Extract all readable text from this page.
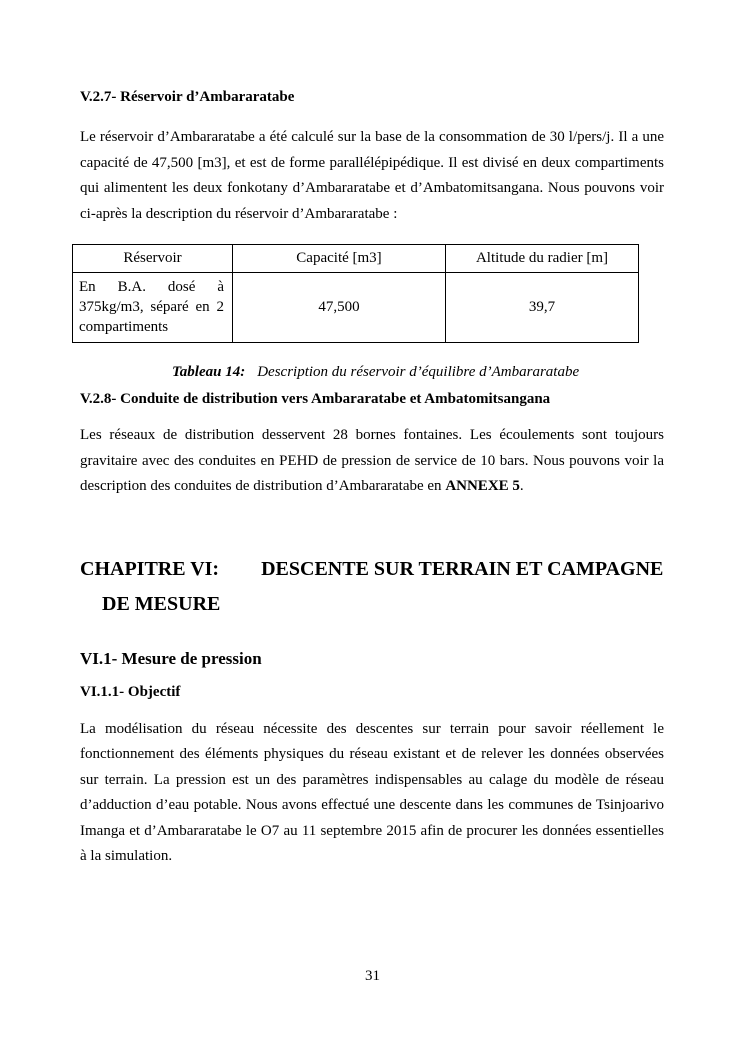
V.2.7- Réservoir d’Ambararatabe

Le réservoir d’Ambararatabe a été calculé sur la base de la consommation de 30 l/pers/j. Il a une capacité de 47,500 [m3], et est de forme parallélépipédique. Il est divisé en deux compartiments qui alimentent les deux fonkotany d’Ambararatabe et d’Ambatomitsangana. Nous pouvons voir ci-après la description du réservoir d’Ambararatabe :

Réservoir	Capacité [m3]	Altitude du radier [m]
En B.A. dosé à 375kg/m3, séparé en 2 compartiments	47,500	39,7

Tableau 14: Description du réservoir d’équilibre d’Ambararatabe

V.2.8- Conduite de distribution vers Ambararatabe et Ambatomitsangana

Les réseaux de distribution desservent 28 bornes fontaines. Les écoulements sont toujours gravitaire avec des conduites en PEHD de pression de service de 10 bars. Nous pouvons voir la description des conduites de distribution d’Ambararatabe en ANNEXE 5.

CHAPITRE VI: DESCENTE SUR TERRAIN ET CAMPAGNE DE MESURE
VI.1- Mesure de pression
VI.1.1- Objectif

La modélisation du réseau nécessite des descentes sur terrain pour savoir réellement le fonctionnement des éléments physiques du réseau existant et de relever les données observées sur terrain. La pression est un des paramètres indispensables au calage du modèle de réseau d’adduction d’eau potable. Nous avons effectué une descente dans les communes de Tsinjoarivo Imanga et d’Ambararatabe le O7 au 11 septembre 2015 afin de procurer les données essentielles à la simulation.

31
